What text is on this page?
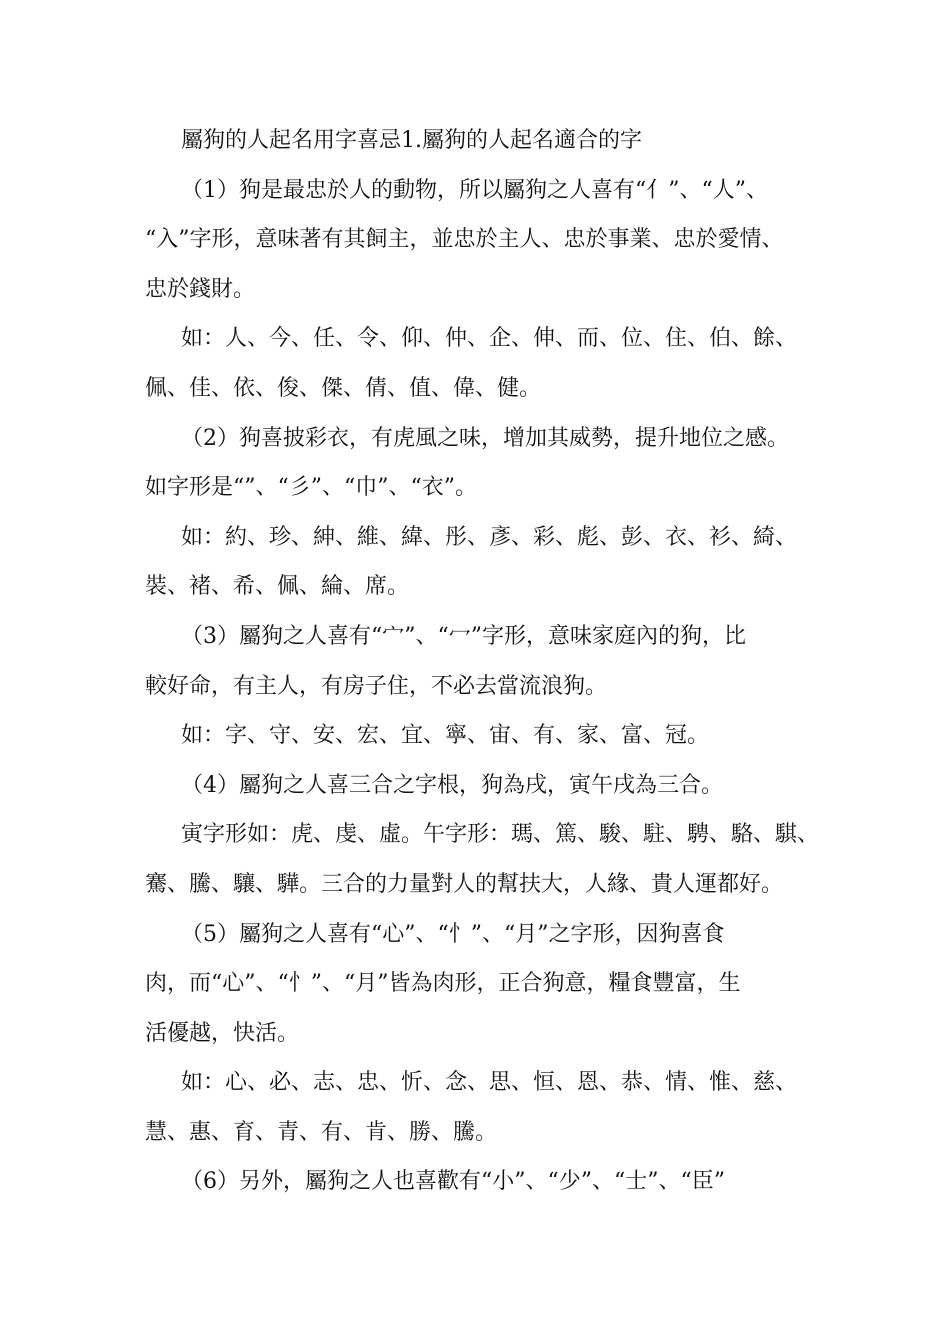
屬狗的人起名用字喜忌1.屬狗的人起名適合的字
（1）狗是最忠於人的動物，所以屬狗之人喜有“亻”、“人”、
“入”字形，意味著有其飼主，並忠於主人、忠於事業、忠於愛情、
忠於錢財。
如：人、今、任、令、仰、仲、企、伸、而、位、住、伯、餘、
佩、佳、依、俊、傑、倩、值、偉、健。
（2）狗喜披彩衣，有虎風之味，增加其威勢，提升地位之感。
如字形是“”、“彡”、“巾”、“衣”。
如：約、珍、紳、維、緯、彤、彥、彩、彪、彭、衣、衫、綺、
裝、褚、希、佩、綸、席。
（3）屬狗之人喜有“宀”、“冖”字形，意味家庭內的狗，比
較好命，有主人，有房子住，不必去當流浪狗。
如：字、守、安、宏、宜、寧、宙、有、家、富、冠。
（4）屬狗之人喜三合之字根，狗為戌，寅午戌為三合。
寅字形如：虎、虔、虛。午字形：瑪、篤、駿、駐、騁、駱、騏、
騫、騰、驤、驊。三合的力量對人的幫扶大，人緣、貴人運都好。
（5）屬狗之人喜有“心”、“忄”、“月”之字形，因狗喜食
肉，而“心”、“忄”、“月”皆為肉形，正合狗意，糧食豐富，生
活優越，快活。
如：心、必、志、忠、忻、念、思、恒、恩、恭、情、惟、慈、
慧、惠、育、青、有、肯、勝、騰。
（6）另外，屬狗之人也喜歡有“小”、“少”、“士”、“臣”
